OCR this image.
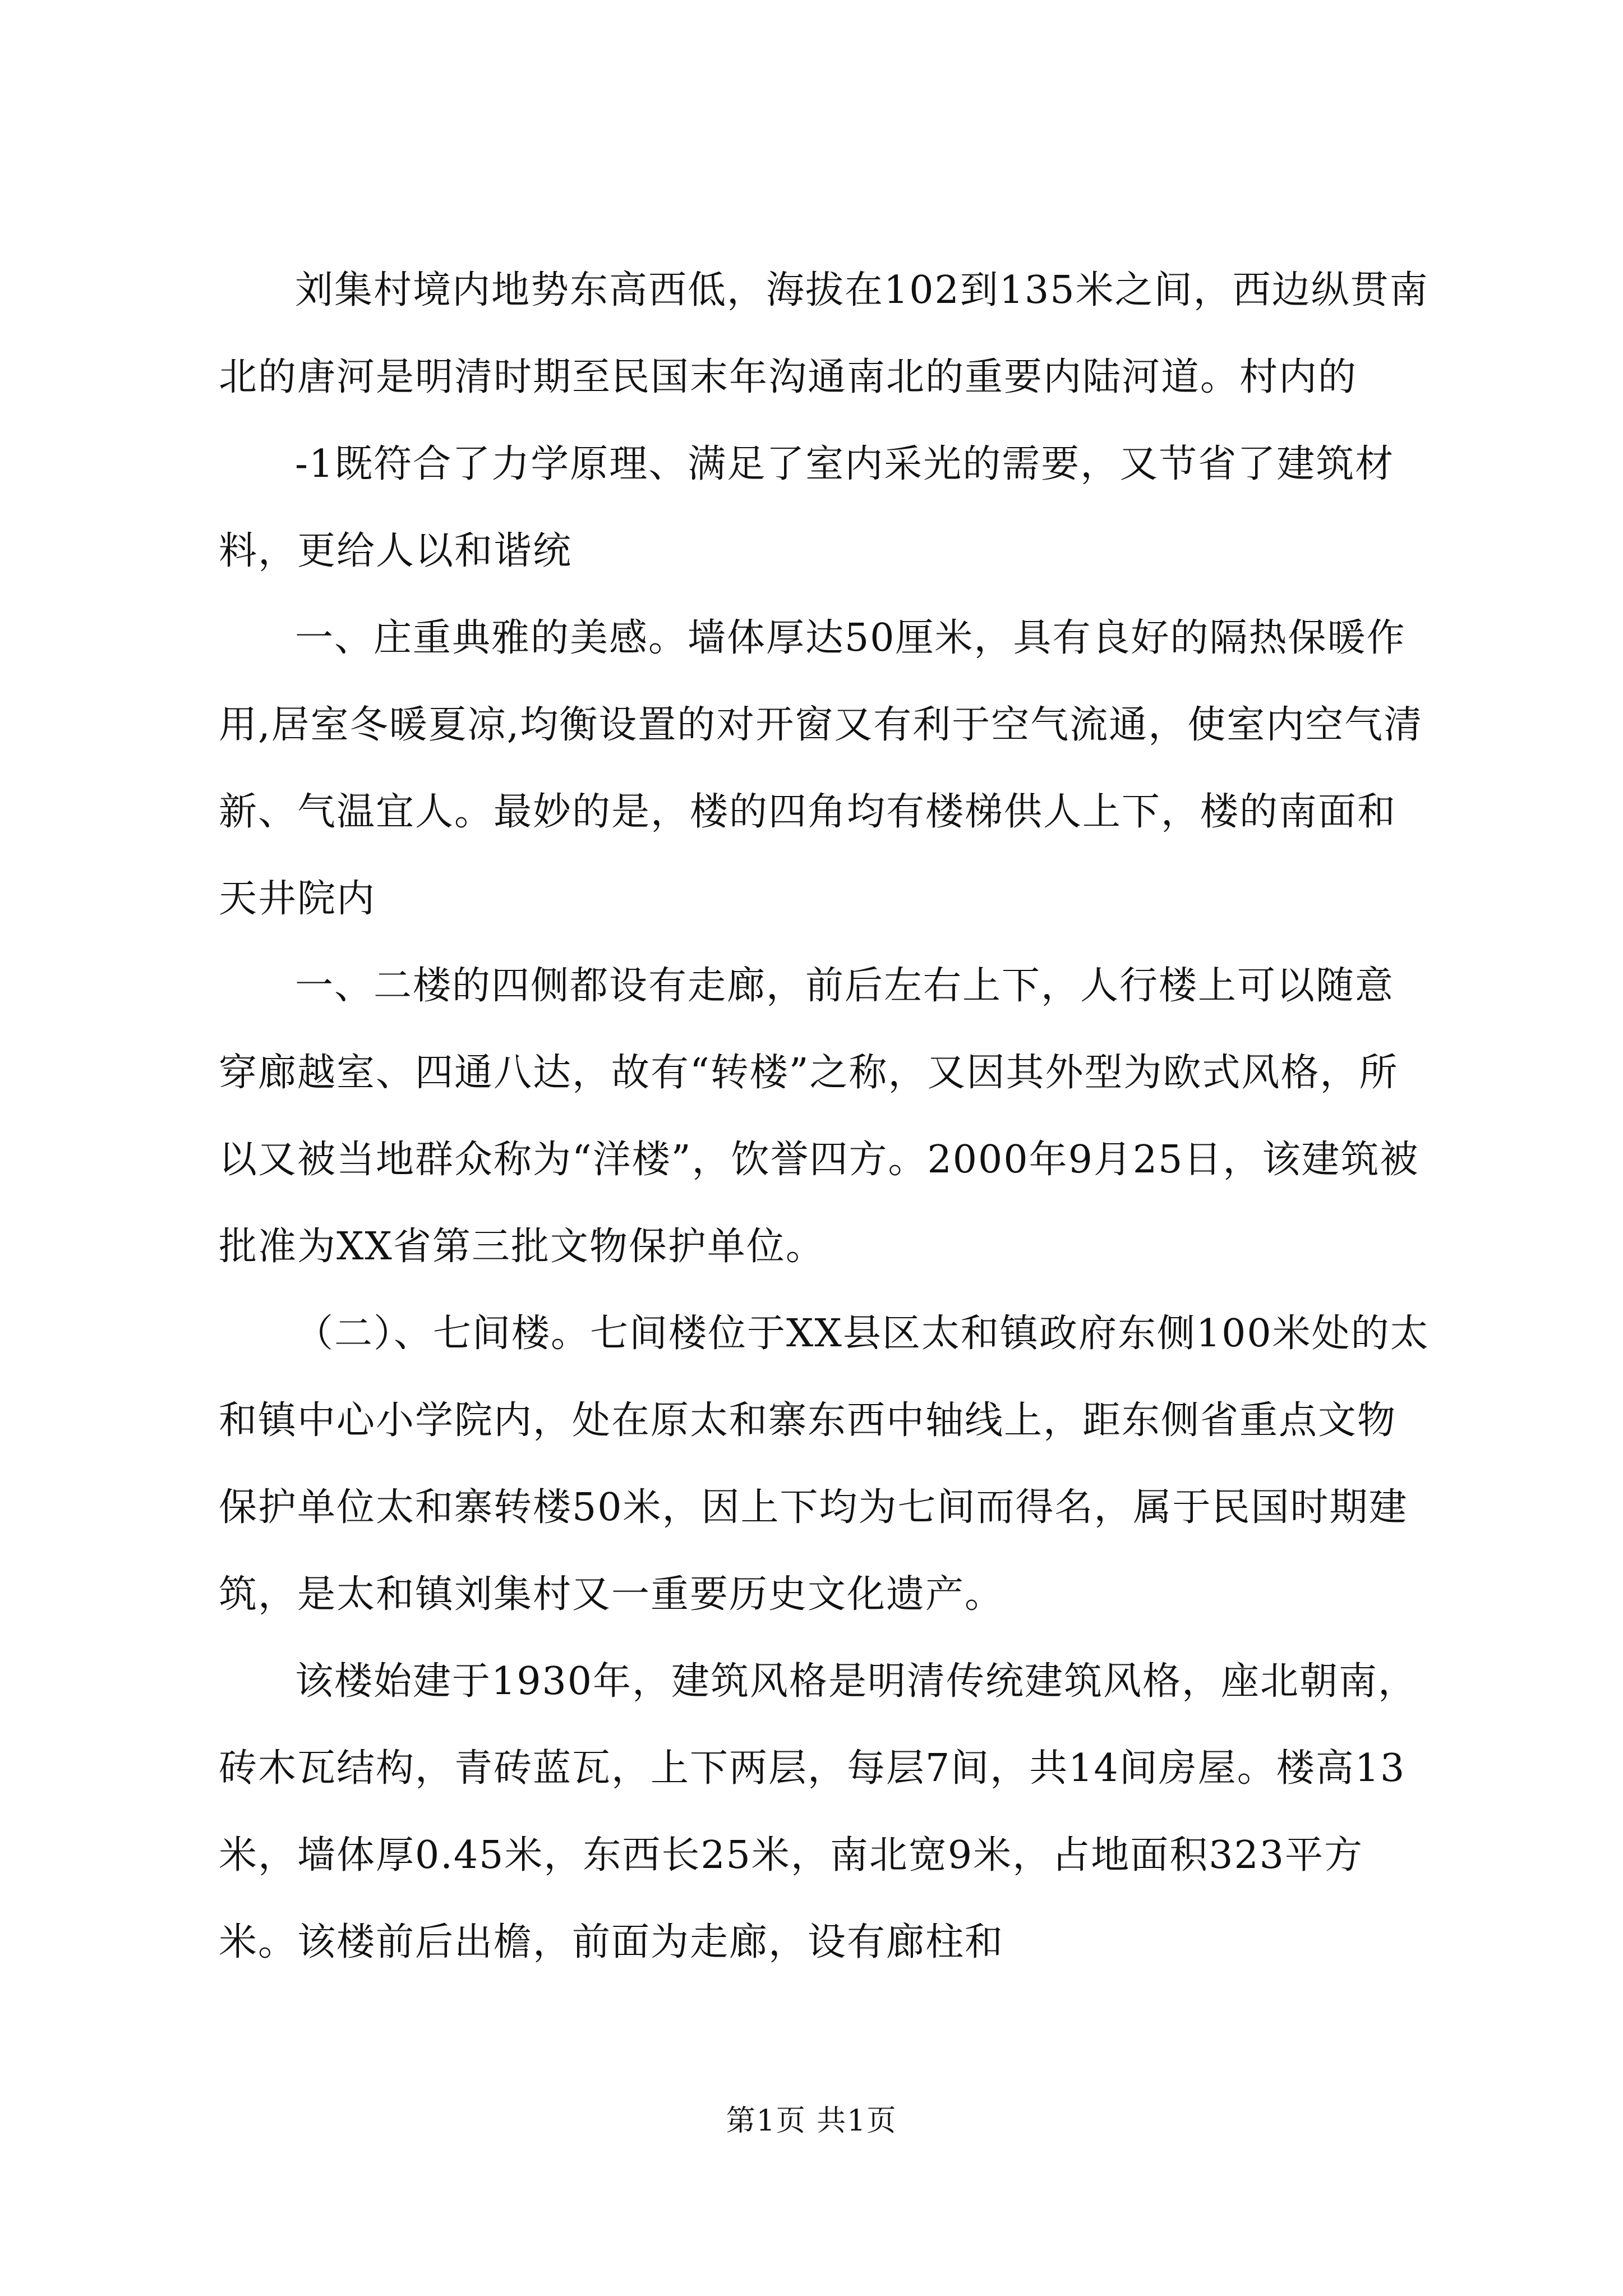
刘集村境内地势东高西低，海拔在102到135米之间，西边纵贯南北的唐河是明清时期至民国末年沟通南北的重要内陆河道。村内的

-1既符合了力学原理、满足了室内采光的需要，又节省了建筑材料，更给人以和谐统

一、庄重典雅的美感。墙体厚达50厘米，具有良好的隔热保暖作用,居室冬暖夏凉,均衡设置的对开窗又有利于空气流通，使室内空气清新、气温宜人。最妙的是，楼的四角均有楼梯供人上下，楼的南面和天井院内

一、二楼的四侧都设有走廊，前后左右上下，人行楼上可以随意穿廊越室、四通八达，故有“转楼”之称，又因其外型为欧式风格，所以又被当地群众称为“洋楼”，饮誉四方。2000年9月25日，该建筑被批准为XX省第三批文物保护单位。

（二）、七间楼。七间楼位于XX县区太和镇政府东侧100米处的太和镇中心小学院内，处在原太和寨东西中轴线上，距东侧省重点文物保护单位太和寨转楼50米，因上下均为七间而得名，属于民国时期建筑，是太和镇刘集村又一重要历史文化遗产。

该楼始建于1930年，建筑风格是明清传统建筑风格，座北朝南，砖木瓦结构，青砖蓝瓦，上下两层，每层7间，共14间房屋。楼高13米，墙体厚0.45米，东西长25米，南北宽9米，占地面积323平方米。该楼前后出檐，前面为走廊，设有廊柱和

第1页 共1页
